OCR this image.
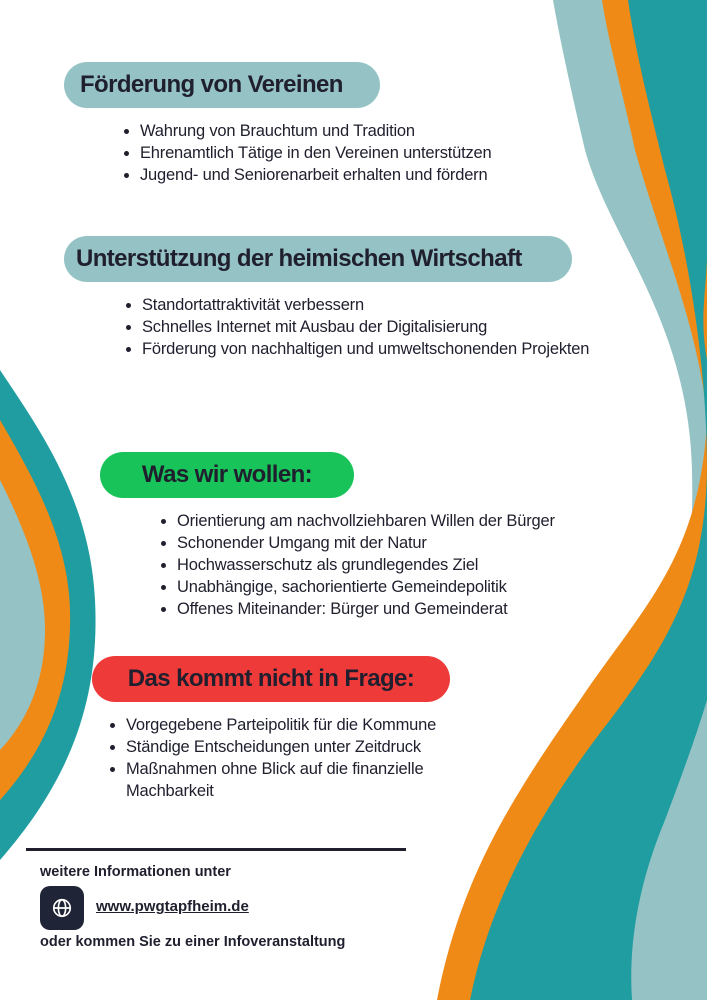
Förderung von Vereinen
• Wahrung von Brauchtum und Tradition
• Ehrenamtlich Tätige in den Vereinen unterstützen
• Jugend- und Seniorenarbeit erhalten und fördern
Unterstützung der heimischen Wirtschaft
• Standortattraktivität verbessern
• Schnelles Internet mit Ausbau der Digitalisierung
• Förderung von nachhaltigen und umweltschonenden Projekten
Was wir wollen:
• Orientierung am nachvollziehbaren Willen der Bürger
• Schonender Umgang mit der Natur
• Hochwasserschutz als grundlegendes Ziel
• Unabhängige, sachorientierte Gemeindepolitik
• Offenes Miteinander: Bürger und Gemeinderat
Das kommt nicht in Frage:
• Vorgegebene Parteipolitik für die Kommune
• Ständige Entscheidungen unter Zeitdruck
• Maßnahmen ohne Blick auf die finanzielle Machbarkeit
weitere Informationen unter
www.pwgtapfheim.de
oder kommen Sie zu einer Infoveranstaltung
